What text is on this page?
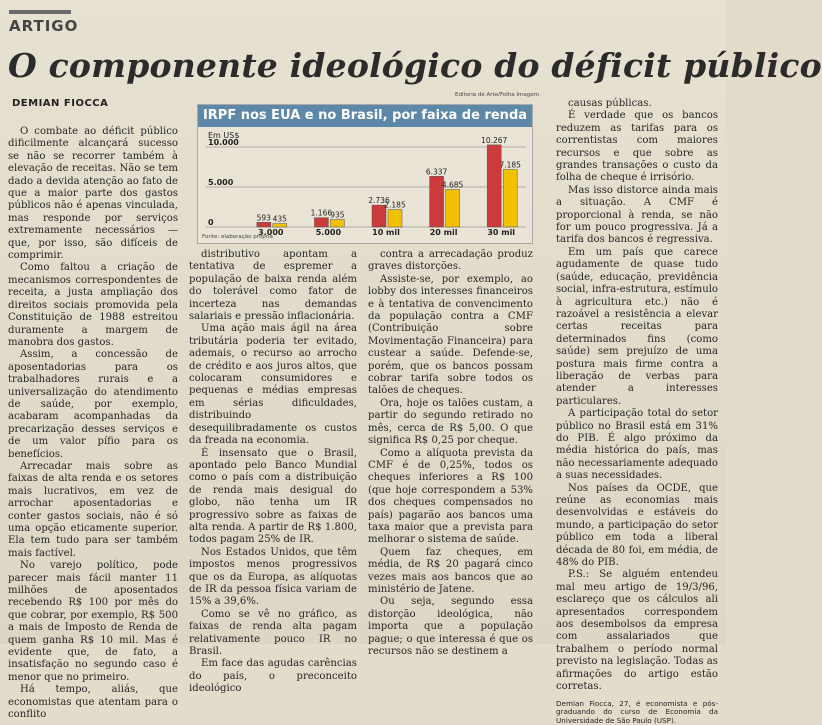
ARTIGO
O componente ideológico do déficit público
DEMIAN FIOCCA
Editoria de Arte/Folha Imagem
IRPF nos EUA e no Brasil, por faixa de renda
Em US$
0
5.000
10.000
593 435
3.000
1.166
935
5.000
2.736
2.185
10 mil
6.337
4.685
20 mil
10.267
7.185
30 mil
Fonte: elaboração própria

O combate ao déficit público dificilmente alcançará sucesso se não se recorrer também à elevação de receitas. Não se tem dado a devida atenção ao fato de que a maior parte dos gastos públicos não é apenas vinculada, mas responde por serviços extremamente necessários —que, por isso, são difíceis de comprimir.

Como faltou a criação de mecanismos correspondentes de receita, a justa ampliação dos direitos sociais promovida pela Constituição de 1988 estreitou duramente a margem de manobra dos gastos.

Assim, a concessão de aposentadorias para os trabalhadores rurais e a universalização do atendimento de saúde, por exemplo, acabaram acompanhadas da precarização desses serviços e de um valor pífio para os benefícios.

Arrecadar mais sobre as faixas de alta renda e os setores mais lucrativos, em vez de arrochar aposentadorias e conter gastos sociais, não é só uma opção eticamente superior. Ela tem tudo para ser também mais factível.

No varejo político, pode parecer mais fácil manter 11 milhões de aposentados recebendo R$ 100 por mês do que cobrar, por exemplo, R$ 500 a mais de Imposto de Renda de quem ganha R$ 10 mil. Mas é evidente que, de fato, a insatisfação no segundo caso é menor que no primeiro.

Há tempo, aliás, que economistas que atentam para o conflito

distributivo apontam a tentativa de espremer a população de baixa renda além do tolerável como fator de incerteza nas demandas salariais e pressão inflacionária.

Uma ação mais ágil na área tributária poderia ter evitado, ademais, o recurso ao arrocho de crédito e aos juros altos, que colocaram consumidores e pequenas e médias empresas em sérias dificuldades, distribuindo desequilibradamente os custos da freada na economia.

É insensato que o Brasil, apontado pelo Banco Mundial como o país com a distribuição de renda mais desigual do globo, não tenha um IR progressivo sobre as faixas de alta renda. A partir de R$ 1.800, todos pagam 25% de IR.

Nos Estados Unidos, que têm impostos menos progressivos que os da Europa, as alíquotas de IR da pessoa física variam de 15% a 39,6%.

Como se vê no gráfico, as faixas de renda alta pagam relativamente pouco IR no Brasil.

Em face das agudas carências do país, o preconceito ideológico

contra a arrecadação produz graves distorções.

Assiste-se, por exemplo, ao lobby dos interesses financeiros e à tentativa de convencimento da população contra a CMF (Contribuição sobre Movimentação Financeira) para custear a saúde. Defende-se, porém, que os bancos possam cobrar tarifa sobre todos os talões de cheques.

Ora, hoje os talões custam, a partir do segundo retirado no mês, cerca de R$ 5,00. O que significa R$ 0,25 por cheque.

Como a alíquota prevista da CMF é de 0,25%, todos os cheques inferiores a R$ 100 (que hoje correspondem a 53% dos cheques compensados no país) pagarão aos bancos uma taxa maior que a prevista para melhorar o sistema de saúde.

Quem faz cheques, em média, de R$ 20 pagará cinco vezes mais aos bancos que ao ministério de Jatene.

Ou seja, segundo essa distorção ideológica, não importa que a população pague; o que interessa é que os recursos não se destinem a

causas públicas.

É verdade que os bancos reduzem as tarifas para os correntistas com maiores recursos e que sobre as grandes transações o custo da folha de cheque é irrisório.

Mas isso distorce ainda mais a situação. A CMF é proporcional à renda, se não for um pouco progressiva. Já a tarifa dos bancos é regressiva.

Em um país que carece agudamente de quase tudo (saúde, educação, previdência social, infra-estrutura, estímulo à agricultura etc.) não é razoável a resistência a elevar certas receitas para determinados fins (como saúde) sem prejuízo de uma postura mais firme contra a liberação de verbas para atender a interesses particulares.

A participação total do setor público no Brasil está em 31% do PIB. É algo próximo da média histórica do país, mas não necessariamente adequado a suas necessidades.

Nos países da OCDE, que reúne as economias mais desenvolvidas e estáveis do mundo, a participação do setor público em toda a liberal década de 80 foi, em média, de 48% do PIB.

P.S.: Se alguém entendeu mal meu artigo de 19/3/96, esclareço que os cálculos ali apresentados correspondem aos desembolsos da empresa com assalariados que trabalhem o período normal previsto na legislação. Todas as afirmações do artigo estão corretas.

Demian Fiocca, 27, é economista e pós-graduando do curso de Economia da Universidade de São Paulo (USP).
